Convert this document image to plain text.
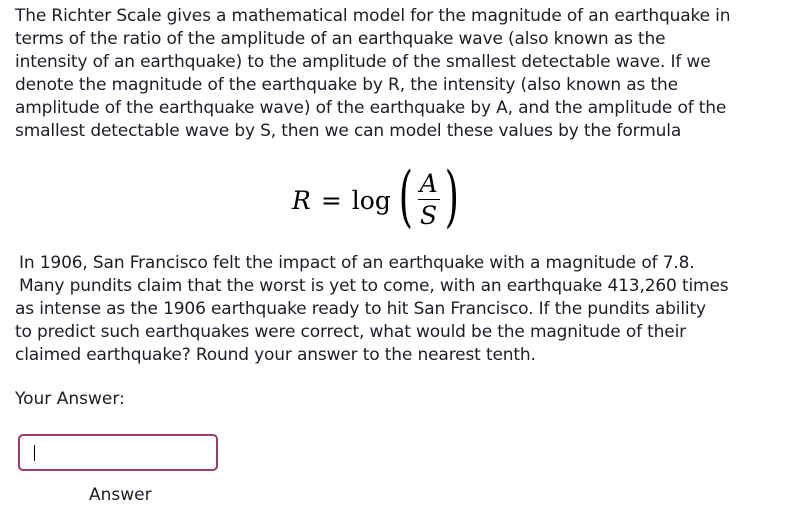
The Richter Scale gives a mathematical model for the magnitude of an earthquake in
terms of the ratio of the amplitude of an earthquake wave (also known as the
intensity of an earthquake) to the amplitude of the smallest detectable wave. If we
denote the magnitude of the earthquake by R, the intensity (also known as the
amplitude of the earthquake wave) of the earthquake by A, and the amplitude of the
smallest detectable wave by S, then we can model these values by the formula
R = log ( $\frac{A}{S}$ )
In 1906, San Francisco felt the impact of an earthquake with a magnitude of 7.8.
Many pundits claim that the worst is yet to come, with an earthquake 413,260 times
as intense as the 1906 earthquake ready to hit San Francisco. If the pundits ability
to predict such earthquakes were correct, what would be the magnitude of their
claimed earthquake? Round your answer to the nearest tenth.
Your Answer:
Answer
